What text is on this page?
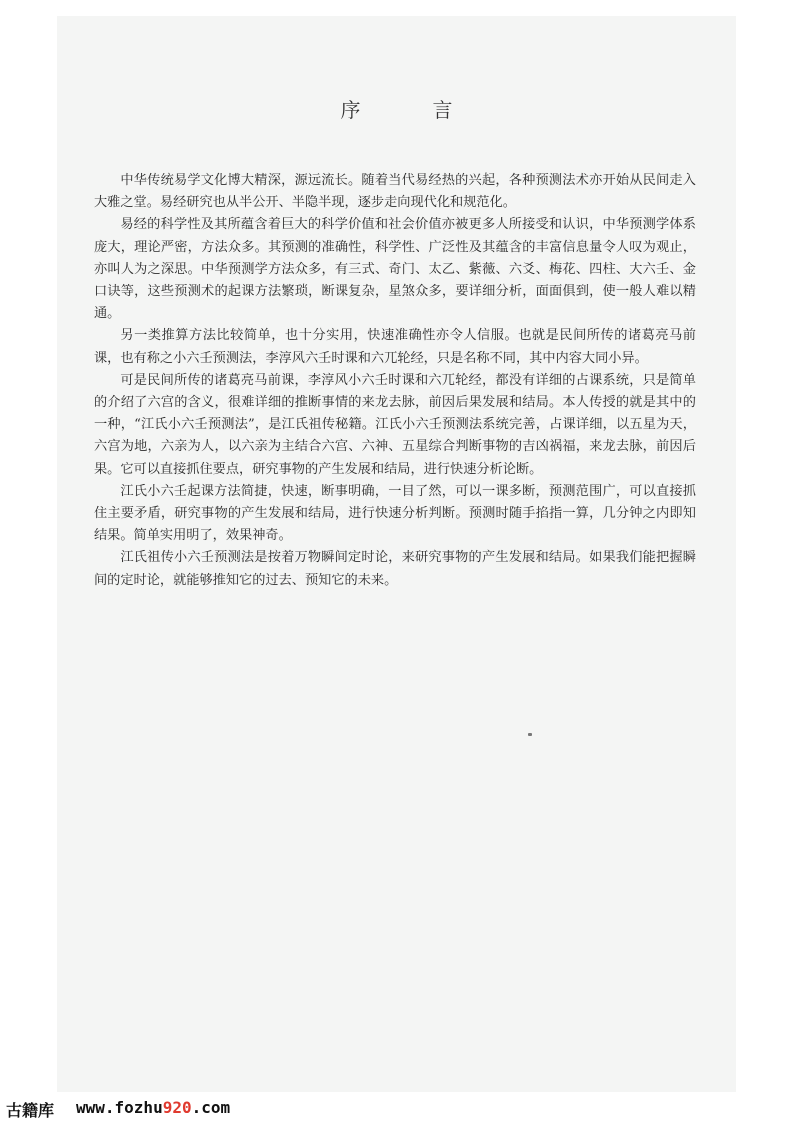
序　言

中华传统易学文化博大精深，源远流长。随着当代易经热的兴起，各种预测法术亦开始从民间走入大雅之堂。易经研究也从半公开、半隐半现，逐步走向现代化和规范化。

易经的科学性及其所蕴含着巨大的科学价值和社会价值亦被更多人所接受和认识，中华预测学体系庞大，理论严密，方法众多。其预测的准确性，科学性、广泛性及其蕴含的丰富信息量令人叹为观止，亦叫人为之深思。中华预测学方法众多，有三式、奇门、太乙、紫薇、六爻、梅花、四柱、大六壬、金口诀等，这些预测术的起课方法繁琐，断课复杂，星煞众多，要详细分析，面面俱到，使一般人难以精通。

另一类推算方法比较简单，也十分实用，快速准确性亦令人信服。也就是民间所传的诸葛亮马前课，也有称之小六壬预测法，李淳风六壬时课和六兀轮经，只是名称不同，其中内容大同小异。

可是民间所传的诸葛亮马前课，李淳风小六壬时课和六兀轮经，都没有详细的占课系统，只是简单的介绍了六宫的含义，很难详细的推断事情的来龙去脉，前因后果发展和结局。本人传授的就是其中的一种，“江氏小六壬预测法”，是江氏祖传秘籍。江氏小六壬预测法系统完善，占课详细，以五星为天，六宫为地，六亲为人，以六亲为主结合六宫、六神、五星综合判断事物的吉凶祸福，来龙去脉，前因后果。它可以直接抓住要点，研究事物的产生发展和结局，进行快速分析论断。

江氏小六壬起课方法简捷，快速，断事明确，一目了然，可以一课多断，预测范围广，可以直接抓住主要矛盾，研究事物的产生发展和结局，进行快速分析判断。预测时随手掐指一算，几分钟之内即知结果。简单实用明了，效果神奇。

江氏祖传小六壬预测法是按着万物瞬间定时论，来研究事物的产生发展和结局。如果我们能把握瞬间的定时论，就能够推知它的过去、预知它的未来。

古籍库 www.fozhu920.com
